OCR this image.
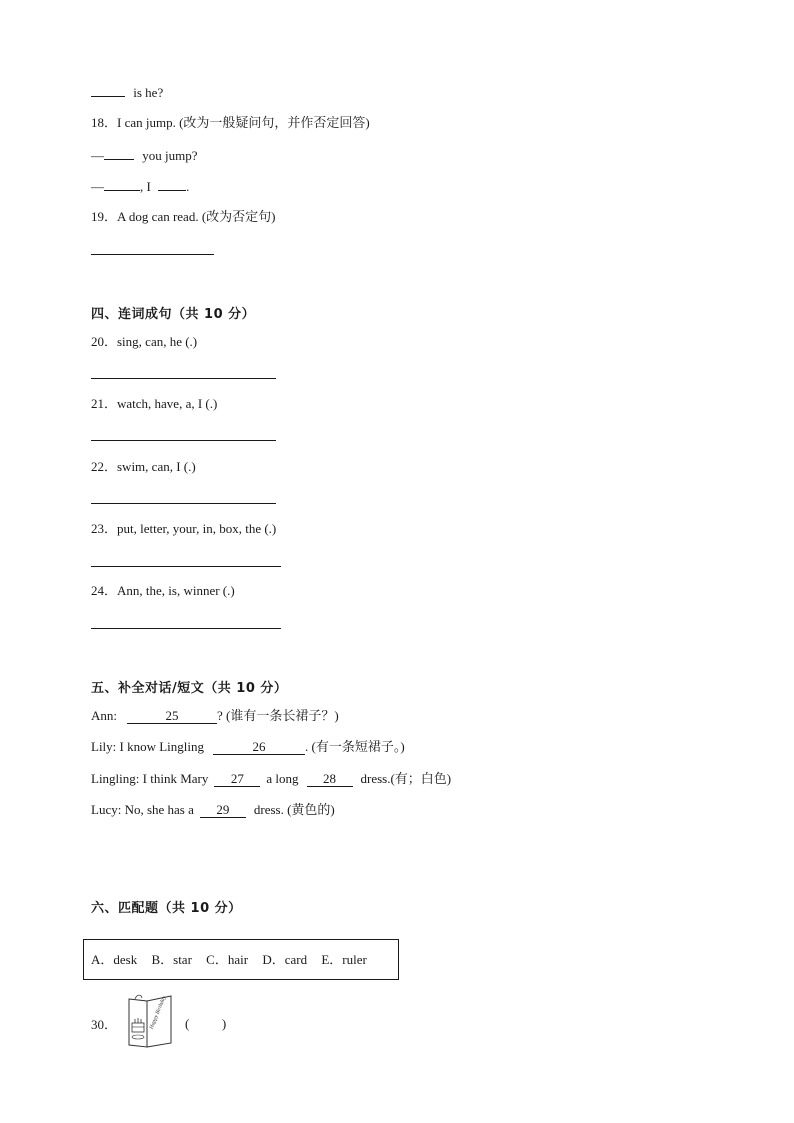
is he?
18．I can jump. (改为一般疑问句，并作否定回答)
—	you jump?
—	, I	.
19．A dog can read. (改为否定句)
四、连词成句（共 10 分）
20．sing, can, he (.)
21．watch, have, a, I (.)
22．swim, can, I (.)
23．put, letter, your, in, box, the (.)
24．Ann, the, is, winner (.)
五、补全对话/短文（共 10 分）
Ann:	25	? (谁有一条长裙子？)
Lily: I know Lingling	26	. (有一条短裙子。)
Lingling: I think Mary 27 a long 28 dress.(有；白色)
Lucy: No, she has a 29 dress. (黄色的)
六、匹配题（共 10 分）
A．desk B．star C．hair D．card E．ruler
30．	Happy Birthday (          )
